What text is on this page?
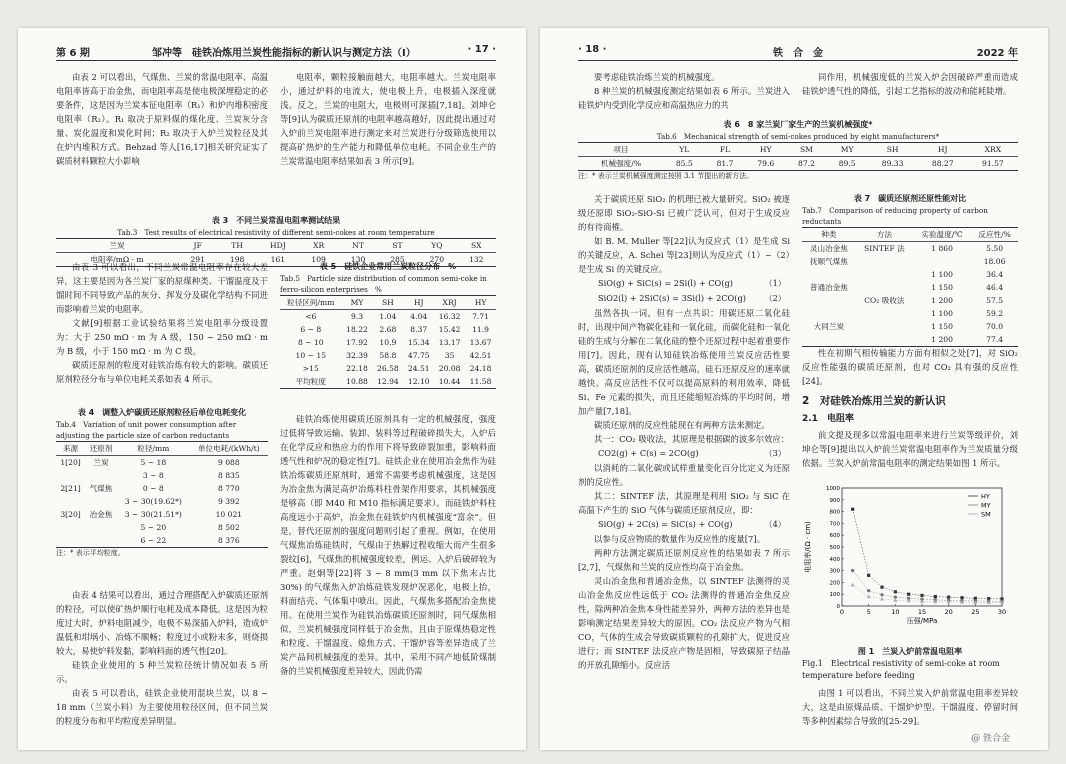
第 6 期	邹冲等　硅铁冶炼用兰炭性能指标的新认识与测定方法（Ⅰ）	· 17 ·

由表 2 可以看出，气煤焦、兰炭的常温电阻率、高温电阻率皆高于冶金焦，而电阻率高是使电极深埋稳定的必要条件，这是因为兰炭本征电阻率（R₁）和炉内堆积密度电阻率（R₂）。R₁ 取决于原料煤的煤化度、兰炭灰分含量、炭化温度和炭化时间；R₂ 取决于入炉兰炭粒径及其在炉内堆积方式。Behzad 等人[16,17]相关研究证实了碳质材料颗粒大小影响

电阻率，颗粒接触面越大，电阻率越大。兰炭电阻率小，通过炉料的电流大，使电极上升，电极插入深度就浅。反之，兰炭的电阻大，电极则可深插[7,18]。刘坤仑等[9]认为碳质还原剂的电阻率越高越好，因此提出通过对入炉前兰炭电阻率进行测定来对兰炭进行分级筛选使用以提高矿热炉的生产能力和降低单位电耗。不同企业生产的兰炭常温电阻率结果如表 3 所示[9]。

表 3　不同兰炭常温电阻率测试结果
Tab.3　Test results of electrical resistivity of different semi-cokes at room temperature
兰炭	JF	TH	HDJ	XR	NT	ST	YQ	SX
电阻率/mΩ · m	291	198	161	109	130	285	270	132

由表 3 可以看出，不同兰炭常温电阻率存在较大差异，这主要是因为各兰炭厂家的原煤种类、干馏温度及干馏时间不同导致产品的灰分、挥发分及碳化学结构不同进而影响着兰炭的电阻率。

文献[9]根据工业试验结果将兰炭电阻率分级设置为：大于 250 mΩ · m 为 A 级，150 ~ 250 mΩ · m 为 B 级，小于 150 mΩ · m 为 C 级。

碳质还原剂的粒度对硅铁冶炼有较大的影响。碳质还原剂粒径分布与单位电耗关系如表 4 所示。

表 4　调整入炉碳质还原剂粒径后单位电耗变化
Tab.4　Variation of unit power consumption after adjusting the particle size of carbon reductants
来源	还原剂	粒径/mm	单位电耗/(kWh/t)
1[20]	兰炭	5 ~ 18	9 088
		3 ~ 8	8 835
2[21]	气煤焦	0 ~ 8	8 770
		3 ~ 30(19.62*)	9 392
3[20]	冶金焦	3 ~ 30(21.51*)	10 021
		5 ~ 20	8 502
		6 ~ 22	8 376
注：* 表示平均粒度。

由表 4 结果可以看出，通过合理搭配入炉碳质还原剂的粒径，可以使矿热炉顺行电耗及成本降低。这是因为粒度过大时，炉料电阻减少，电极不易深插入炉料，造成炉温低和坩埚小、冶炼不顺畅；粒度过小或粉末多，则烧损较大，易使炉料发黏，影响料面的透气性[20]。

硅铁企业使用的 5 种兰炭粒径统计情况如表 5 所示。

由表 5 可以看出，硅铁企业使用混块兰炭，以 8 ~ 18 mm（兰炭小料）为主要使用粒径区间，但不同兰炭的粒度分布和平均粒度差异明显。

表 5　硅铁企业常用兰炭粒径分布　%
Tab.5　Particle size distribution of common semi-coke in ferro-silicon enterprises　%
粒径区间/mm	MY	SH	HJ	XRJ	HY
<6	9.3	1.04	4.04	16.32	7.71
6 ~ 8	18.22	2.68	8.37	15.42	11.9
8 ~ 10	17.92	10.9	15.34	13.17	13.67
10 ~ 15	32.39	58.8	47.75	35	42.51
>15	22.18	26.58	24.51	20.08	24.18
平均粒度	10.88	12.94	12.10	10.44	11.58

硅铁冶炼使用碳质还原剂具有一定的机械强度，强度过低将导致运输、装卸、装料等过程破碎损失大，入炉后在化学反应和热应力的作用下将导致碎裂加重，影响料面透气性和炉况的稳定性[7]。硅铁企业在使用冶金焦作为硅铁冶炼碳质还原剂时，通常不需要考虑机械强度，这是因为冶金焦为满足高炉冶炼料柱骨架作用要求，其机械强度是够高（即 M40 和 M10 指标满足要求）。而硅铁炉料柱高度远小于高炉，冶金焦在硅铁炉内机械强度“富余”。但是，替代还原剂的强度问题则引起了重视。例如，在使用气煤焦冶炼硅铁时，气煤由于热解过程收缩大而产生很多裂纹[6]，气煤焦的机械强度较差，例运、入炉后破碎较为严重。赵炯等[22]将 3 ~ 8 mm(3 mm 以下焦末占比 30%) 的气煤焦入炉冶炼硅铁发现炉况恶化，电极上抬，料面结壳、气体集中喷出。因此，气煤焦多搭配冶金焦使用。在使用兰炭作为硅铁冶炼碳质还原剂时，同气煤焦相似，兰炭机械强度同样低于冶金焦，且由于原煤热稳定性和粒度、干馏温度、熄焦方式、干馏炉容等差异造成了兰炭产品间机械强度的差异。其中，采用不同产地低阶煤制备的兰炭机械强度差异较大，因此仍需

· 18 ·	铁　合　金	2022 年

要考虑硅铁冶炼兰炭的机械强度。

8 种兰炭的机械强度测定结果如表 6 所示。兰炭进入硅铁炉内受到化学反应和高温热应力的共

同作用，机械强度低的兰炭入炉会因破碎严重而造成硅铁炉透气性的降低，引起工艺指标的波动和能耗陡增。

表 6　8 家兰炭厂家生产的兰炭机械强度*
Tab.6　Mechanical strength of semi-cokes produced by eight manufacturers*
项目	YL	FL	HY	SM	MY	SH	HJ	XRX
机械强度/%	85.5	81.7	79.6	87.2	89.5	89.33	88.27	91.57
注：* 表示兰炭机械强度测定按照 3.1 节提出的新方法。

关于碳质还原 SiO₂ 的机理已被大量研究。SiO₂ 被逐级还原即 SiO₂-SiO-Si 已被广泛认可，但对于生成反应的有待商榷。

如 B. M. Muller 等[22]认为反应式（1）是生成 Si 的关键反应，A. Schei 等[23]则认为反应式（1）~（2）是生成 Si 的关键反应。

SiO(g) + SiC(s) = 2Si(l) + CO(g)	（1）
SiO2(l) + 2SiC(s) = 3Si(l) + 2CO(g) （2）

虽然各执一词，但有一点共识：用碳还原二氧化硅时，出现中间产物碳化硅和一氧化硅，而碳化硅和一氧化硅的生成与分解在二氧化硅的整个还原过程中起着重要作用[7]。因此，现有认知硅铁冶炼使用兰炭反应活性要高，碳质还原剂的反应活性越高，硅石还原反应的速率就越快。高反应活性不仅可以提高原料的利用效率，降低 Si、Fe 元素的损失，而且还能缩短冶炼的平均时间，增加产量[7,18]。

碳质还原剂的反应性能现在有两种方法来测定。

其一：CO₂ 吸收法，其原理是根据碳的波多尔效应：

CO2(g) + C(s) = 2CO(g)	（3）

以消耗的二氧化碳或试样重量变化百分比定义为还原剂的反应性。

其二：SINTEF 法，其原理是利用 SiO₂ 与 SiC 在高温下产生的 SiO 气体与碳质还原剂反应，即：

SiO(g) + 2C(s) = SiC(s) + CO(g)	（4）

以参与反应物质的数量作为反应性的度量[7]。

两种方法测定碳质还原剂反应性的结果如表 7 所示[2,7]，气煤焦和兰炭的反应性均高于冶金焦。

灵山冶金焦和普通冶金焦，以 SINTEF 法测得的灵山冶金焦反应性远低于 CO₂ 法测得的普通冶金焦反应性，除两种冶金焦本身性能差异外，两种方法的差异也是影响测定结果差异较大的原因。CO₂ 法反应产物为气相 CO，气体的生成会导致碳质颗粒的孔隙扩大，促进反应进行；而 SINTEF 法反应产物是固相，导致碳原子结晶的开放孔隙缩小。反应活

表 7　碳质还原剂还原性能对比
Tab.7　Comparison of reducing property of carbon reductants
种类	方法	实验温度/℃	反应性/%
灵山冶金焦	SINTEF 法	1 860	5.50
抚顺气煤焦			18.06
		1 100	36.4
普通冶金焦		1 150	46.4
	CO₂ 吸收法	1 200	57.5
		1 100	59.2
大同兰炭		1 150	70.0
		1 200	77.4

性在初期气相传输能力方面有相似之处[7]，对 SiO₂ 反应性能强的碳质还原剂，也对 CO₂ 具有强的反应性[24]。

2　对硅铁冶炼用兰炭的新认识
2.1　电阻率

前文提及现多以常温电阻率来进行兰炭等级评价，刘坤仑等[9]提出以入炉前兰炭常温电阻率作为兰炭质量分级依据。兰炭入炉前常温电阻率的测定结果如图 1 所示。

0	5	10	15	20	25	30
0
100
200
300
400
500
600
700
800
900
1000
压强/MPa
电阻率/(Ω · cm)
HY
MY
SM
图 1　兰炭入炉前常温电阻率
Fig.1　Electrical resistivity of semi-coke at room temperature before feeding

由图 1 可以看出，不同兰炭入炉前常温电阻率差异较大，这是由原煤品质、干馏炉炉型、干馏温度、停留时间等多种因素综合导致的[25-29]。

@ 铁合金
